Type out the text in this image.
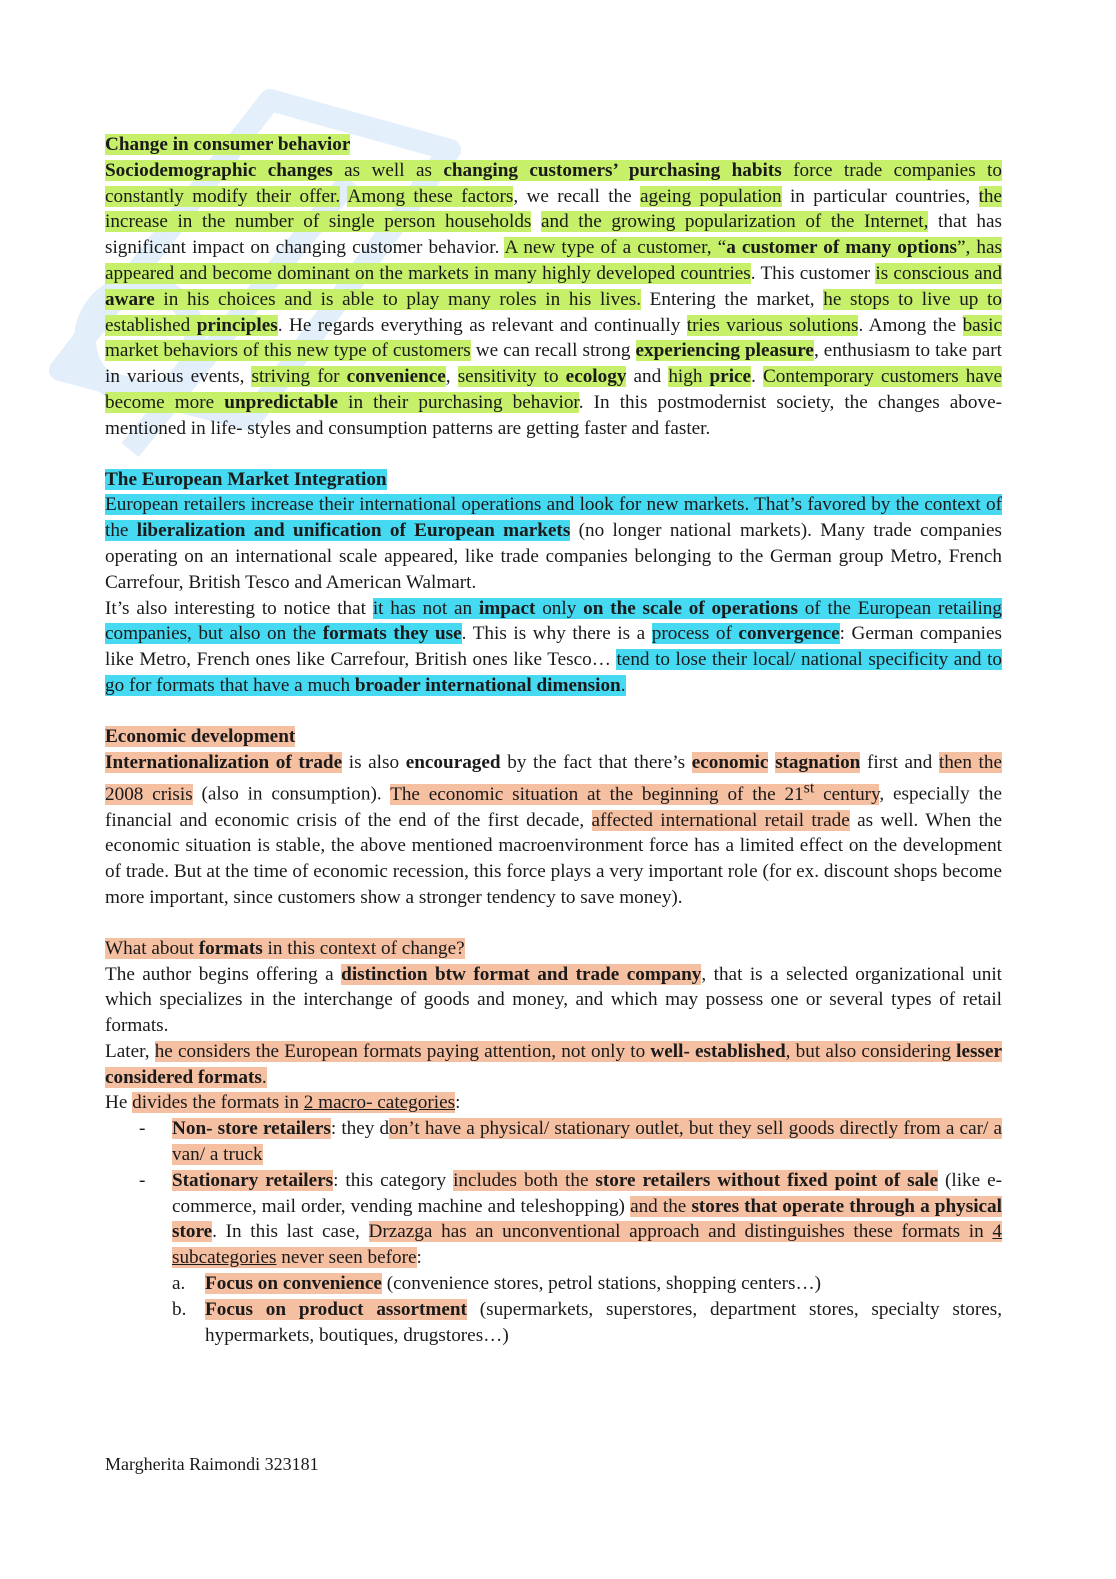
Change in consumer behavior

Sociodemographic changes as well as changing customers’ purchasing habits force trade companies to constantly modify their offer. Among these factors, we recall the ageing population in particular countries, the increase in the number of single person households and the growing popularization of the Internet, that has significant impact on changing customer behavior. A new type of a customer, “a customer of many options”, has appeared and become dominant on the markets in many highly developed countries. This customer is conscious and aware in his choices and is able to play many roles in his lives. Entering the market, he stops to live up to established principles. He regards everything as relevant and continually tries various solutions. Among the basic market behaviors of this new type of customers we can recall strong experiencing pleasure, enthusiasm to take part in various events, striving for convenience, sensitivity to ecology and high price. Contemporary customers have become more unpredictable in their purchasing behavior. In this postmodernist society, the changes above- mentioned in life- styles and consumption patterns are getting faster and faster.

The European Market Integration

European retailers increase their international operations and look for new markets. That’s favored by the context of the liberalization and unification of European markets (no longer national markets). Many trade companies operating on an international scale appeared, like trade companies belonging to the German group Metro, French Carrefour, British Tesco and American Walmart.

It’s also interesting to notice that it has not an impact only on the scale of operations of the European retailing companies, but also on the formats they use. This is why there is a process of convergence: German companies like Metro, French ones like Carrefour, British ones like Tesco… tend to lose their local/ national specificity and to go for formats that have a much broader international dimension.

Economic development

Internationalization of trade is also encouraged by the fact that there’s economic stagnation first and then the 2008 crisis (also in consumption). The economic situation at the beginning of the 21st century, especially the financial and economic crisis of the end of the first decade, affected international retail trade as well. When the economic situation is stable, the above mentioned macroenvironment force has a limited effect on the development of trade. But at the time of economic recession, this force plays a very important role (for ex. discount shops become more important, since customers show a stronger tendency to save money).

What about formats in this context of change?

The author begins offering a distinction btw format and trade company, that is a selected organizational unit which specializes in the interchange of goods and money, and which may possess one or several types of retail formats.

Later, he considers the European formats paying attention, not only to well- established, but also considering lesser considered formats.

He divides the formats in 2 macro- categories:

- Non- store retailers: they don’t have a physical/ stationary outlet, but they sell goods directly from a car/ a van/ a truck
- Stationary retailers: this category includes both the store retailers without fixed point of sale (like e- commerce, mail order, vending machine and teleshopping) and the stores that operate through a physical store. In this last case, Drzazga has an unconventional approach and distinguishes these formats in 4 subcategories never seen before:
a. Focus on convenience (convenience stores, petrol stations, shopping centers…)
b. Focus on product assortment (supermarkets, superstores, department stores, specialty stores, hypermarkets, boutiques, drugstores…)
Margherita Raimondi 323181
